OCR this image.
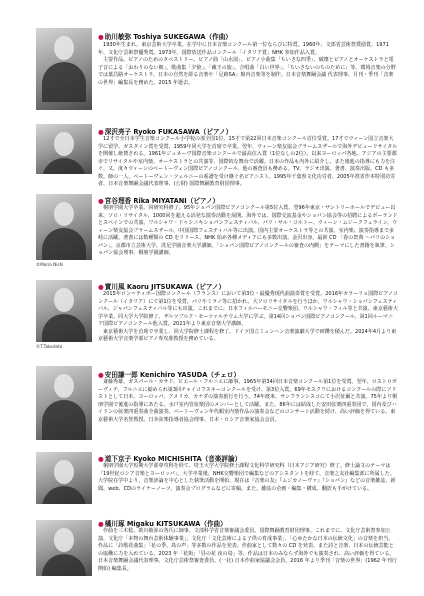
●助川敏弥 Toshiya SUKEGAWA（作曲）

1930年生まれ。東京芸術大学卒業。在学中に日本音楽コンクール第一位ならびに特賞。1960年、文部省芸術祭奨励賞。1971年、文化庁芸術祭優秀賞。1973年、国際放送作品コンクール「イタリア賞」NHK 参加作品入賞。

主要作品、ピアノのためのタペストリー、ピアノ曲「山水図」、ピアノ小曲集「ちいさな四季」、破壊とピアノとオーケストラと電子音による「おわりのない朝」、歌曲集「夕焼」、「蔵王の旅」、合唱曲「白い世界」、「ちいさないのちのために」等。環境音楽の分野では葉昌路オーケストラ、日本の自然を彫る音楽や「足跡SA」館内音楽等を制作。日本音楽舞踊会議 代表理事、月刊・季刊「音楽の世界」編集長を務めた。2015 年逝去。

●深沢亮子 Ryoko FUKASAWA（ピアノ）

12才で全日本学生音楽コンクール小学校の部全国1位、15才で第22回日本音楽コンクール首位受賞。17才でウィーン国立音楽大学に留学。ガスタイン賞を受賞、1959年同大学を首席で卒業。翌年、ウィーン楽友協会ブラームスザールで海外デビューリサイタルを開催し絶賛される。1961年ジュネーヴ国際音楽コンクールで最高位入賞（1位なしの2位）。以来ヨーロッパ各地、アジアの主要都市でリサイタルや室内楽、オーケストラとの共演等、国際的な舞台で活躍。日本の作品も内外に紹介し、また後進の指導にも力を注ぐ。又、度々ウィーンのベートーヴェン国際ピアノコンクール、他の審査員も務める。TV、ラジオ出演、著書、演奏出版、CD も多数。師の一人、ベートーヴェン・ツェルニーの系譜を受け継ぐ名ピアニスト。1995年千葉県文化功労者、2005年准省作本特別功労者、日本音楽舞踊会議代表理事、(公財) 国際舞踊教育財団理事。

©Maria Nishi
●宮谷理香 Rika MIYATANI（ピアノ）

桐朋学園大学卒業、同研究科修了。95年ショパン国際ピアノコンクール第5位入賞。翌96年東京・サントリーホールでデビュー以来、ソロ・リサイタル、1000回を超える活発な演奏活動を展開。海外では、国際交流基金やショパン協会等の招聘によるポーランドとスペインでの共演、ワルシャワ・ドゥシニキショパンフェスティバル、パリ・サル・コルトー、ウィーン・ムジークフェライン、ウィーン楽友協会ブラームスザール、中国国際フェスティバル等に出演。国内主要オーケストラ等との共演、室内楽、演奏指導まで多岐に活躍。著書には数種類の CD をリリース、NHK 始め各種メディアにも多数出演。金沢出身。最新 CD 「春の祭典 〜パリのショパン」。京都市立芸術大学、洗足学園音楽大学講師。「ショパン国際ピアノコンクールの審査の内側」をテーマにした書籍を執筆、ショパン協会理事、桐朋学園講師。

©T.Takedate
●實川風 Kaoru JITSUKAWA（ピアノ）

2015年ロン＝ティボー国際コンクール（フランス）において第3位・最優秀現代曲演奏賞を受賞。2016年カラーリョ国際ピアノコンクール（イタリア）にて第1位を受賞。パリやミラノ等に招かれ、大ソロリサイタルを行うほか、ワルシャワ・ショパンフェスティバル、ジャパンフェスティバル等にも出演。これまでに、日本フィルハーモニー交響楽団、ワルシャワ・フィル等と共演。東京藝術大学卒業、同大学大学院修了、ザルツブルク・モーツァルテウム大学に学ぶ。第14回ショパン国際ピアノコンクール、第1回ルーマニア国際ピアノコンクール他入賞。2021年より東京音楽大学講師。

東京藝術大学を首席で卒業し、同大学院修士課程を修了。ドイツ国立ミュンヘン音楽演劇大学で研鑽を積んだ。2024年4月より東京藝術大学音楽学部ピアノ専攻准教授を務めている。

●安田謙一郎 Kenichiro YASUDA（チェロ）

斎藤秀雄、ガスパール・カサド、ピエール・フルニエに師事。1965年第34回日本音楽コンクール第1位を受賞。翌年、ロストロポーヴィチ、フルニエに勧められ第3回チャイコフスキーコンクールを受け、第3位入賞。69年モスクワにおけるコンクールの際にソリストとして日本、ヨーロッパ、アメリカ、カナダの演奏旅行を行う。74年渡米、サンフランシスコにて小沢征爾と共演。75年より桐朋学園で後進の指導にあたる。水戸室内管弦楽団のメンバーとして活躍。また、86年には結成した安田弦楽四重奏団で、国内及びハイドンの弦楽四重奏曲全曲演奏、ベートーヴェン年代順室内楽作品の演奏会などのコンサート活動を続け、高い評価を得ている。東京藝術大学名誉教授。日本弦楽指導者協会理事、日本・ロシア音楽家協会会員。

●道下京子 Kyoko MICHISHITA（音楽評論）

桐朋学園大学短期大学部専攻科を経て、埼玉大学大学院修士課程文化科学研究科（日本アジア研究）修了。修士論文のテーマは「19世紀ロシア音楽とヨーロッパ」。大学卒業後、NHK交響楽団で編集などのアシスタントを経て、音楽之友社編集部に所属した。大学院在学中より、音楽評論を中心とした執筆活動を開始。現在は『音楽の友』『ムジカノーヴァ』『ショパン』などの音楽雑誌、新聞、web、CDのライナーノーツ、演奏会プログラムなどに寄稿。また、雑誌の企画・編集・構成、翻訳も手がけている。

●橘川琢 Migaku KITSUKAWA（作曲）

作曲を三木稔、助川敏弥の各氏に師事。文部科学省音楽審議会委員。国際舞踊教育財団理事。これまでに、文化庁芸術祭参加公演、文化庁「本物の舞台芸術体験事業」、文化庁「文化芸術による子供の育成事業」、「心ゆたかな日本の伝統文化」の音楽を担当。作品に「詩歌花曲集」「花の季、鳥の声」等多数の作品を発表。作曲家として数々の CD を発表、また詩と音楽、日本の伝統芸能との協働に力を入れている。2023 年「花街」「昼の花 夜の鳥」等、作品は日本のみならず海外でも演奏され、高い評価を得ている。日本音楽舞踊会議代表理事、文化庁芸術祭審査委員、(一社) 日本作曲家協議会会員。2016 年より季刊「音楽の世界」(1962 年刊行開始) 編集長。
